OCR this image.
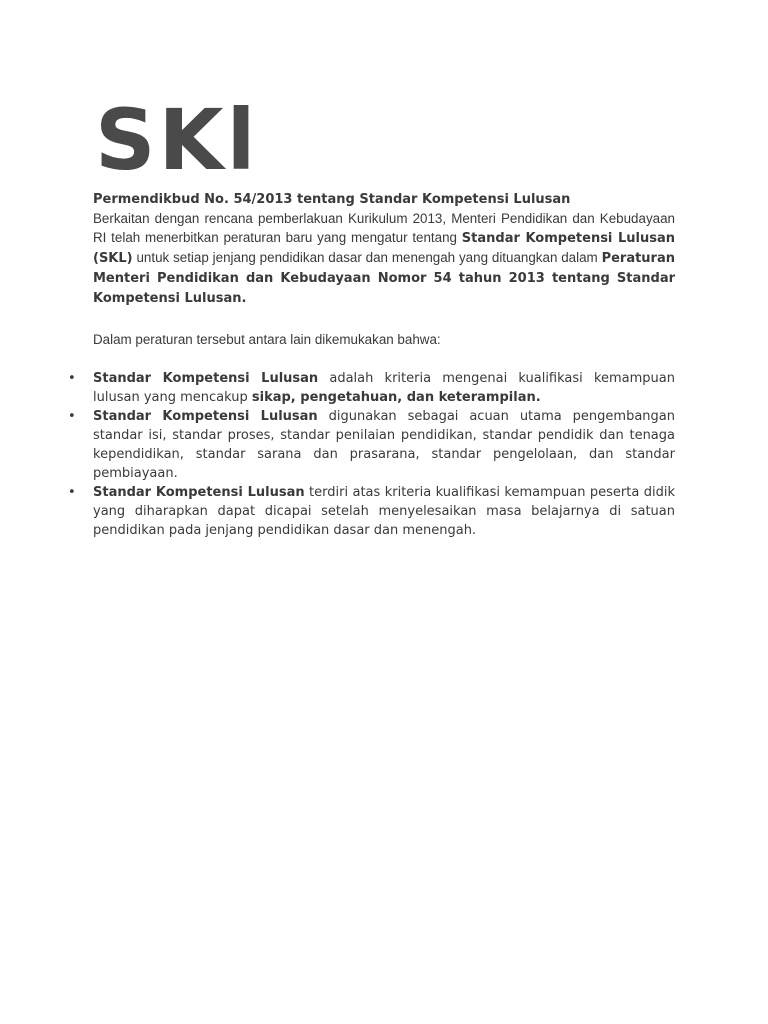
SKl

Permendikbud No. 54/2013 tentang Standar Kompetensi Lulusan

Berkaitan dengan rencana pemberlakuan Kurikulum 2013, Menteri Pendidikan dan Kebudayaan RI telah menerbitkan peraturan baru yang mengatur tentang Standar Kompetensi Lulusan (SKL) untuk setiap jenjang pendidikan dasar dan menengah yang dituangkan dalam Peraturan Menteri Pendidikan dan Kebudayaan Nomor 54 tahun 2013 tentang Standar Kompetensi Lulusan.

Dalam peraturan tersebut antara lain dikemukakan bahwa:

• Standar Kompetensi Lulusan adalah kriteria mengenai kualifikasi kemampuan lulusan yang mencakup sikap, pengetahuan, dan keterampilan.
• Standar Kompetensi Lulusan digunakan sebagai acuan utama pengembangan standar isi, standar proses, standar penilaian pendidikan, standar pendidik dan tenaga kependidikan, standar sarana dan prasarana, standar pengelolaan, dan standar pembiayaan.
• Standar Kompetensi Lulusan terdiri atas kriteria kualifikasi kemampuan peserta didik yang diharapkan dapat dicapai setelah menyelesaikan masa belajarnya di satuan pendidikan pada jenjang pendidikan dasar dan menengah.
